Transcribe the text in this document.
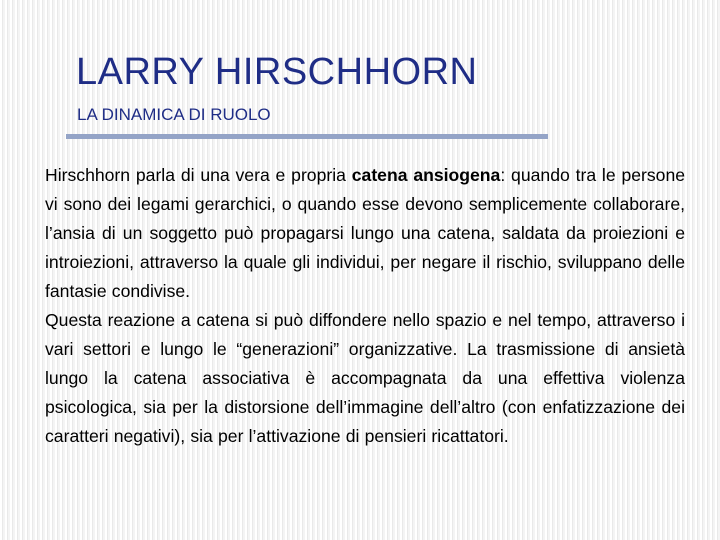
LARRY HIRSCHHORN
LA DINAMICA DI RUOLO

Hirschhorn parla di una vera e propria catena ansiogena: quando tra le persone vi sono dei legami gerarchici, o quando esse devono semplicemente collaborare, l’ansia di un soggetto può propagarsi lungo una catena, saldata da proiezioni e introiezioni, attraverso la quale gli individui, per negare il rischio, sviluppano delle fantasie condivise.
Questa reazione a catena si può diffondere nello spazio e nel tempo, attraverso i vari settori e lungo le “generazioni” organizzative. La trasmissione di ansietà lungo la catena associativa è accompagnata da una effettiva violenza psicologica, sia per la distorsione dell’immagine dell’altro (con enfatizzazione dei caratteri negativi), sia per l’attivazione di pensieri ricattatori.
